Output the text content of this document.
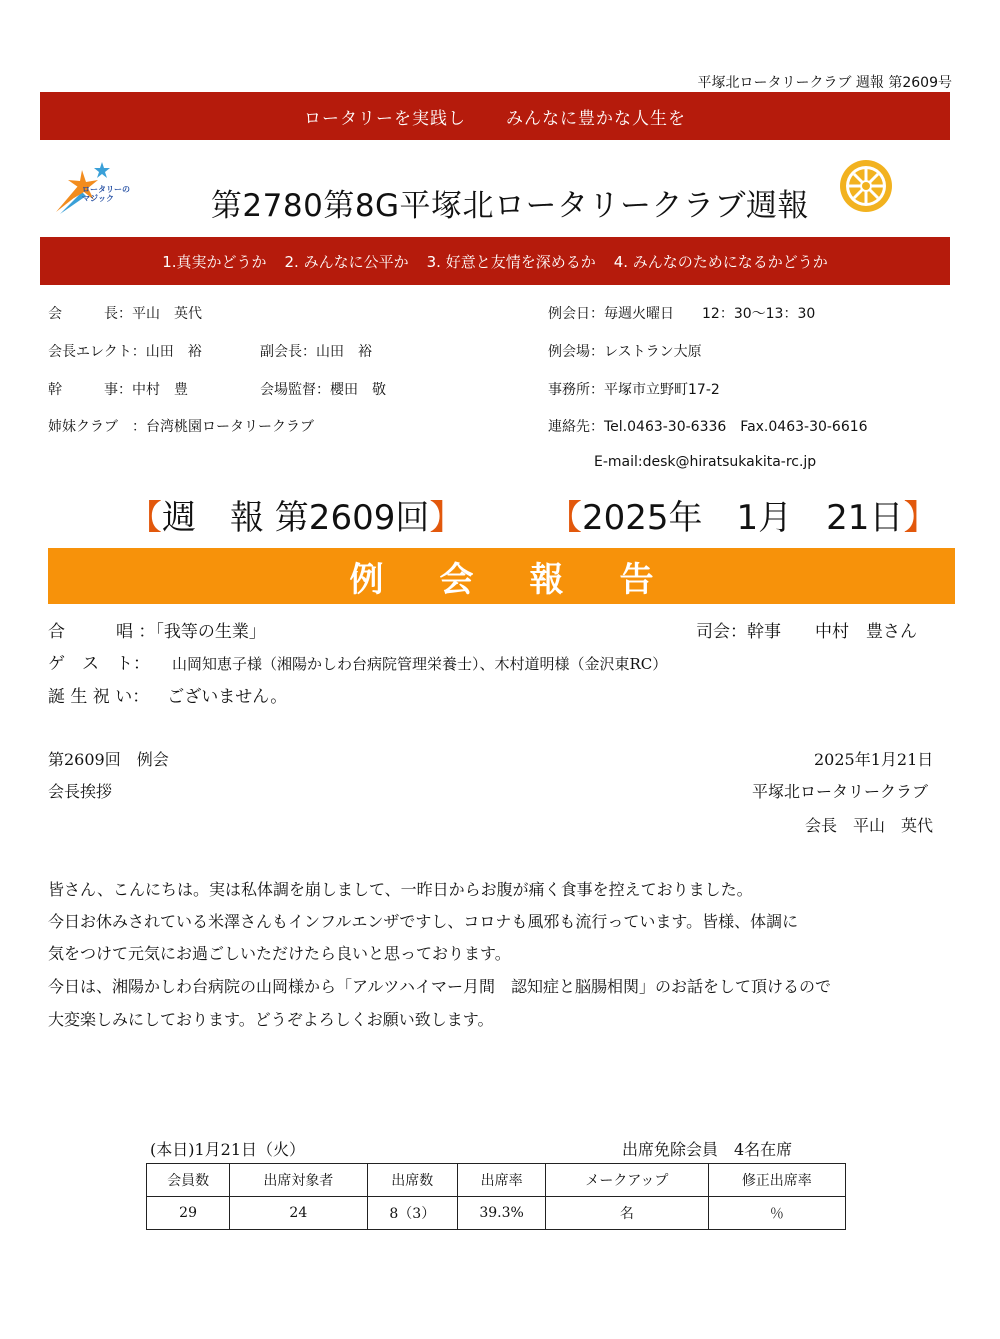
平塚北ロータリークラブ 週報 第2609号
ロータリーを実践し みんなに豊かな人生を
ロータリーの
マジック	第2780第8G平塚北ロータリークラブ週報
1.真実かどうか 2. みんなに公平か 3. 好意と友情を深めるか 4. みんなのためになるかどうか
会　　　長：平山　英代
会長エレクト：山田　裕	副会長：山田　裕
幹　　　事：中村　豊	会場監督：櫻田　敬
姉妹クラブ　：台湾桃園ロータリークラブ
例会日：毎週火曜日　　12：30〜13：30
例会場：レストラン大原
事務所：平塚市立野町17-2
連絡先：Tel.0463-30-6336　Fax.0463-30-6616
E-mail:desk@hiratsukakita-rc.jp
【週　報 第2609回】 【2025年　1月　21日】
例 会 報 告
合　　　唱 ：「我等の生業」	司会：幹事　　中村　豊さん
ゲ　ス　ト： 山岡知恵子様（湘陽かしわ台病院管理栄養士）、木村道明様（金沢東RC）
誕 生 祝 い： ございません。
第2609回　例会	2025年1月21日
会長挨拶	平塚北ロータリークラブ
会長　平山　英代
皆さん、こんにちは。実は私体調を崩しまして、一昨日からお腹が痛く食事を控えておりました。
今日お休みされている米澤さんもインフルエンザですし、コロナも風邪も流行っています。皆様、体調に
気をつけて元気にお過ごしいただけたら良いと思っております。
今日は、湘陽かしわ台病院の山岡様から「アルツハイマー月間　認知症と脳腸相関」のお話をして頂けるので
大変楽しみにしております。どうぞよろしくお願い致します。
(本日)1月21日（火）	出席免除会員　4名在席
会員数	出席対象者	出席数	出席率	メークアップ	修正出席率
29	24	8（3）	39.3%	名	％
